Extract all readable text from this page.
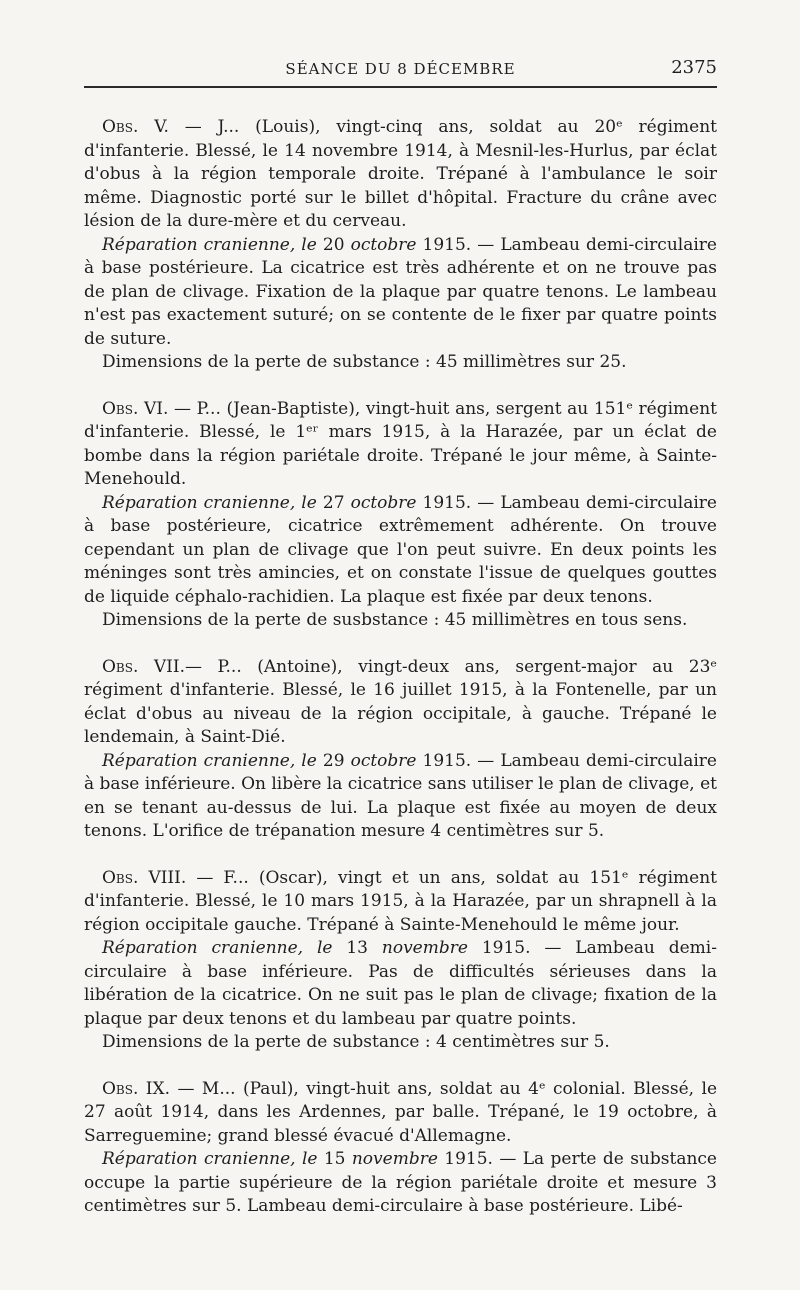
SÉANCE DU 8 DÉCEMBRE	2375

Obs. V. — J... (Louis), vingt-cinq ans, soldat au 20ᵉ régiment d'infanterie. Blessé, le 14 novembre 1914, à Mesnil-les-Hurlus, par éclat d'obus à la région temporale droite. Trépané à l'ambulance le soir même. Diagnostic porté sur le billet d'hôpital. Fracture du crâne avec lésion de la dure-mère et du cerveau.

Réparation cranienne, le 20 octobre 1915. — Lambeau demi-circulaire à base postérieure. La cicatrice est très adhérente et on ne trouve pas de plan de clivage. Fixation de la plaque par quatre tenons. Le lambeau n'est pas exactement suturé; on se contente de le fixer par quatre points de suture.

Dimensions de la perte de substance : 45 millimètres sur 25.

Obs. VI. — P... (Jean-Baptiste), vingt-huit ans, sergent au 151ᵉ régiment d'infanterie. Blessé, le 1ᵉʳ mars 1915, à la Harazée, par un éclat de bombe dans la région pariétale droite. Trépané le jour même, à Sainte-Menehould.

Réparation cranienne, le 27 octobre 1915. — Lambeau demi-circulaire à base postérieure, cicatrice extrêmement adhérente. On trouve cependant un plan de clivage que l'on peut suivre. En deux points les méninges sont très amincies, et on constate l'issue de quelques gouttes de liquide céphalo-rachidien. La plaque est fixée par deux tenons.

Dimensions de la perte de susbstance : 45 millimètres en tous sens.

Obs. VII.— P... (Antoine), vingt-deux ans, sergent-major au 23ᵉ régiment d'infanterie. Blessé, le 16 juillet 1915, à la Fontenelle, par un éclat d'obus au niveau de la région occipitale, à gauche. Trépané le lendemain, à Saint-Dié.

Réparation cranienne, le 29 octobre 1915. — Lambeau demi-circulaire à base inférieure. On libère la cicatrice sans utiliser le plan de clivage, et en se tenant au-dessus de lui. La plaque est fixée au moyen de deux tenons. L'orifice de trépanation mesure 4 centimètres sur 5.

Obs. VIII. — F... (Oscar), vingt et un ans, soldat au 151ᵉ régiment d'infanterie. Blessé, le 10 mars 1915, à la Harazée, par un shrapnell à la région occipitale gauche. Trépané à Sainte-Menehould le même jour.

Réparation cranienne, le 13 novembre 1915. — Lambeau demi-circulaire à base inférieure. Pas de difficultés sérieuses dans la libération de la cicatrice. On ne suit pas le plan de clivage; fixation de la plaque par deux tenons et du lambeau par quatre points.

Dimensions de la perte de substance : 4 centimètres sur 5.

Obs. IX. — M... (Paul), vingt-huit ans, soldat au 4ᵉ colonial. Blessé, le 27 août 1914, dans les Ardennes, par balle. Trépané, le 19 octobre, à Sarreguemine; grand blessé évacué d'Allemagne.

Réparation cranienne, le 15 novembre 1915. — La perte de substance occupe la partie supérieure de la région pariétale droite et mesure 3 centimètres sur 5. Lambeau demi-circulaire à base postérieure. Libé-
